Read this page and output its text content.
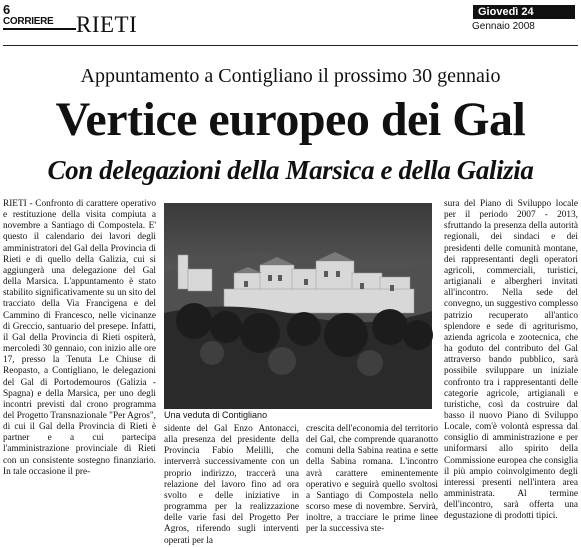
6
CORRIERE RIETI	Giovedì 24
Gennaio 2008
Appuntamento a Contigliano il prossimo 30 gennaio
Vertice europeo dei Gal
Con delegazioni della Marsica e della Galizia
RIETI - Confronto di carattere operativo e restituzione della visita compiuta a novembre a Santiago di Compostela. E' questo il calendario dei lavori degli amministratori del Gal della Provincia di Rieti e di quello della Galizia, cui si aggiungerà una delegazione del Gal della Marsica. L'appuntamento è stato stabilito significativamente su un sito del tracciato della Via Francigena e del Cammino di Francesco, nelle vicinanze di Greccio, santuario del presepe. Infatti, il Gal della Provincia di Rieti ospiterà, mercoledì 30 gennaio, con inizio alle ore 17, presso la Tenuta Le Chiuse di Reopasto, a Contigliano, le delegazioni del Gal di Portodemouros (Galizia - Spagna) e della Marsica, per uno degli incontri previsti dal crono programma del Progetto Transnazionale "Per Agros", di cui il Gal della Provincia di Rieti è partner e a cui partecipa l'amministrazione provinciale di Rieti con un consistente sostegno finanziario. In tale occasione il pre-
Una veduta di Contigliano
sidente del Gal Enzo Antonacci, alla presenza del presidente della Provincia Fabio Melilli, che interverrà successivamente con un proprio indirizzo, traccerà una relazione del lavoro fino ad ora svolto e delle iniziative in programma per la realizzazione delle varie fasi del Progetto Per Agros, riferendo sugli interventi operati per la
crescita dell'economia del territorio del Gal, che comprende quaranotto comuni della Sabina reatina e sette della Sabina romana. L'incontro avrà carattere eminentemente operativo e seguirà quello svoltosi a Santiago di Compostela nello scorso mese di novembre. Servirà, inoltre, a tracciare le prime linee per la successiva ste-
sura del Piano di Sviluppo locale per il periodo 2007 - 2013, sfruttando la presenza della autorità regionali, dei sindaci e dei presidenti delle comunità montane, dei rappresentanti degli operatori agricoli, commerciali, turistici, artigianali e albergheri invitati all'incontro. Nella sede del convegno, un suggestivo complesso patrizio recuperato all'antico splendore e sede di agriturismo, azienda agricola e zootecnica, che ha goduto del contributo del Gal attraverso bando pubblico, sarà possibile sviluppare un iniziale confronto tra i rappresentanti delle categorie agricole, artigianali e turistiche, così da costruire dal basso il nuovo Piano di Sviluppo Locale, com'è volontà espressa dal consiglio di amministrazione e per uniformarsi allo spirito della Commissione europea che consiglia il più ampio coinvolgimento degli interessi presenti nell'intera area amministrata. Al termine dell'incontro, sarà offerta una degustazione di prodotti tipici.
